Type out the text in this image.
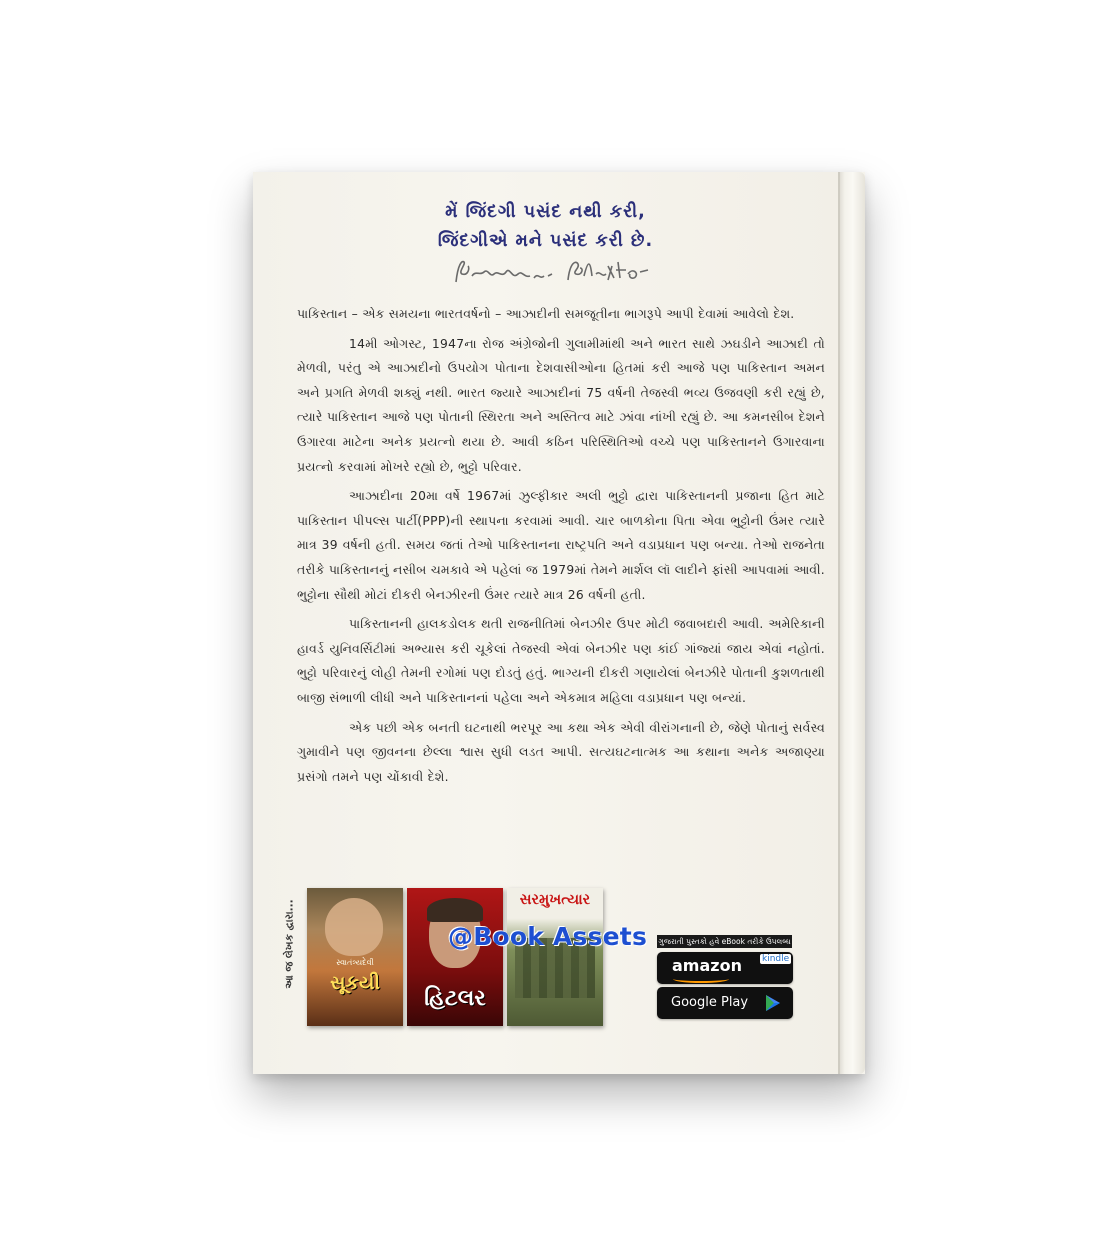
મેં જિંદગી પસંદ નથી કરી,
જિંદગીએ મને પસંદ કરી છે.

પાકિસ્તાન – એક સમયના ભારતવર્ષનો – આઝાદીની સમજૂતીના ભાગરૂપે આપી દેવામાં આવેલો દેશ.

14મી ઓગસ્ટ, 1947ના રોજ અંગ્રેજોની ગુલામીમાંથી અને ભારત સાથે ઝઘડીને આઝાદી તો મેળવી, પરંતુ એ આઝાદીનો ઉપયોગ પોતાના દેશવાસીઓના હિતમાં કરી આજે પણ પાકિસ્તાન અમન અને પ્રગતિ મેળવી શક્યું નથી. ભારત જ્યારે આઝાદીનાં 75 વર્ષની તેજસ્વી ભવ્ય ઉજવણી કરી રહ્યું છે, ત્યારે પાકિસ્તાન આજે પણ પોતાની સ્થિરતા અને અસ્તિત્વ માટે ઝાંવા નાંખી રહ્યું છે. આ કમનસીબ દેશને ઉગારવા માટેના અનેક પ્રયત્નો થયા છે. આવી કઠિન પરિસ્થિતિઓ વચ્ચે પણ પાકિસ્તાનને ઉગારવાના પ્રયત્નો કરવામાં મોખરે રહ્યો છે, ભુટ્ટો પરિવાર.

આઝાદીના 20મા વર્ષે 1967માં ઝુલ્ફીકાર અલી ભુટ્ટો દ્વારા પાકિસ્તાનની પ્રજાના હિત માટે પાકિસ્તાન પીપલ્સ પાર્ટી(PPP)ની સ્થાપના કરવામાં આવી. ચાર બાળકોના પિતા એવા ભુટ્ટોની ઉંમર ત્યારે માત્ર 39 વર્ષની હતી. સમય જતાં તેઓ પાકિસ્તાનના રાષ્ટ્રપતિ અને વડાપ્રધાન પણ બન્યા. તેઓ રાજનેતા તરીકે પાકિસ્તાનનું નસીબ ચમકાવે એ પહેલાં જ 1979માં તેમને માર્શલ લૉ લાદીને ફાંસી આપવામાં આવી. ભુટ્ટોના સૌથી મોટાં દીકરી બેનઝીરની ઉંમર ત્યારે માત્ર 26 વર્ષની હતી.

પાકિસ્તાનની હાલકડોલક થતી રાજનીતિમાં બેનઝીર ઉપર મોટી જવાબદારી આવી. અમેરિકાની હાવર્ડ યુનિવર્સિટીમાં અભ્યાસ કરી ચૂકેલાં તેજસ્વી એવાં બેનઝીર પણ કાંઈ ગાંજ્યાં જાય એવાં નહોતાં. ભુટ્ટો પરિવારનું લોહી તેમની રગોમાં પણ દોડતું હતું. ભાગ્યની દીકરી ગણાયેલાં બેનઝીરે પોતાની કુશળતાથી બાજી સંભાળી લીધી અને પાકિસ્તાનનાં પહેલા અને એકમાત્ર મહિલા વડાપ્રધાન પણ બન્યાં.

એક પછી એક બનતી ઘટનાથી ભરપૂર આ કથા એક એવી વીરાંગનાની છે, જેણે પોતાનું સર્વસ્વ ગુમાવીને પણ જીવનના છેલ્લા શ્વાસ સુધી લડત આપી. સત્યઘટનાત્મક આ કથાના અનેક અજાણ્યા પ્રસંગો તમને પણ ચોંકાવી દેશે.

આ જ લેખક દ્વારા...	સ્વાતંત્ર્યદેવી
સૂકયી
હિટલર
સરમુખત્યાર
@Book Assets ગુજરાતી પુસ્તકો હવે eBook તરીકે ઉપલબ્ધ
amazon kindle
Google Play
